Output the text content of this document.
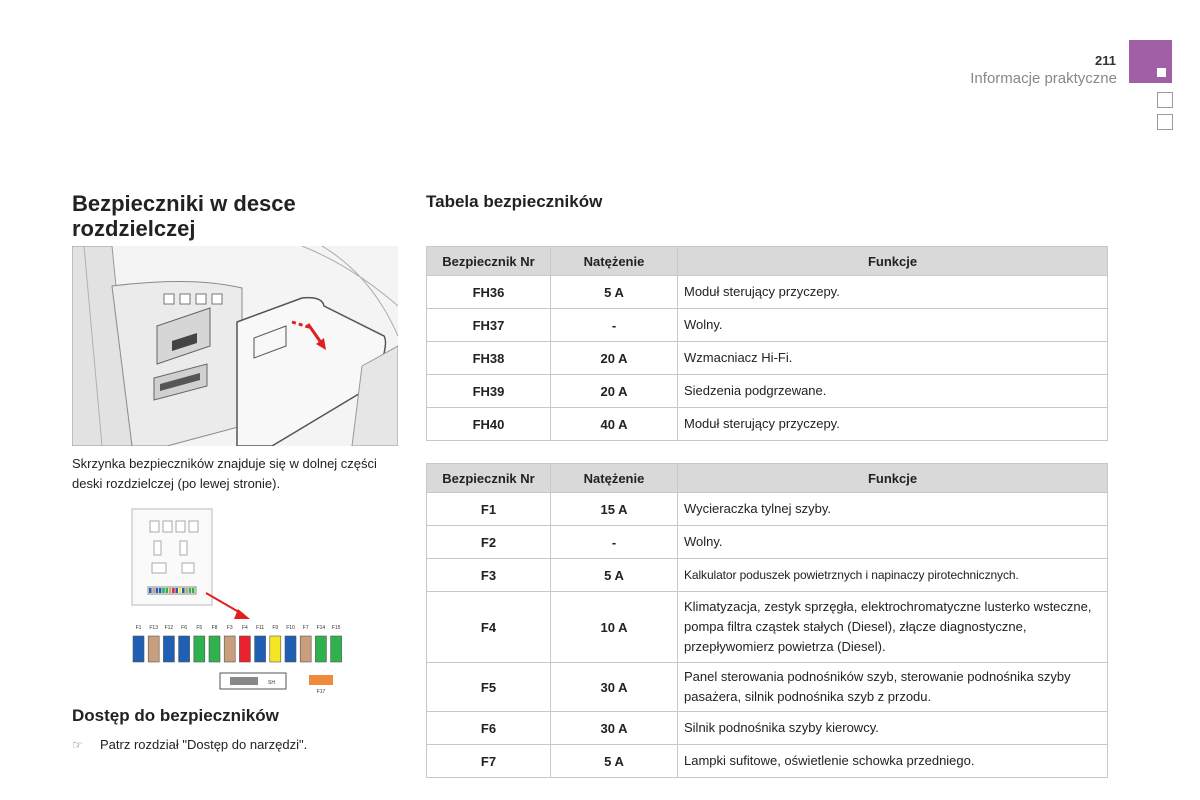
211
Informacje praktyczne
Bezpieczniki w desce rozdzielczej
Skrzynka bezpieczników znajduje się w dolnej części deski rozdzielczej (po lewej stronie).
F1 F13 F12 F6 F5 F8 F3 F4 F11 F9 F10 F7 F14 F15
SH
F17
Dostęp do bezpieczników
☞	Patrz rozdział "Dostęp do narzędzi".
Tabela bezpieczników
Bezpiecznik Nr	Natężenie	Funkcje
FH36	5 A	Moduł sterujący przyczepy.
FH37	-	Wolny.
FH38	20 A	Wzmacniacz Hi-Fi.
FH39	20 A	Siedzenia podgrzewane.
FH40	40 A	Moduł sterujący przyczepy.
Bezpiecznik Nr	Natężenie	Funkcje
F1	15 A	Wycieraczka tylnej szyby.
F2	-	Wolny.
F3	5 A	Kalkulator poduszek powietrznych i napinaczy pirotechnicznych.
F4	10 A	Klimatyzacja, zestyk sprzęgła, elektrochromatyczne lusterko wsteczne, pompa filtra cząstek stałych (Diesel), złącze diagnostyczne, przepływomierz powietrza (Diesel).
F5	30 A	Panel sterowania podnośników szyb, sterowanie podnośnika szyby pasażera, silnik podnośnika szyb z przodu.
F6	30 A	Silnik podnośnika szyby kierowcy.
F7	5 A	Lampki sufitowe, oświetlenie schowka przedniego.
